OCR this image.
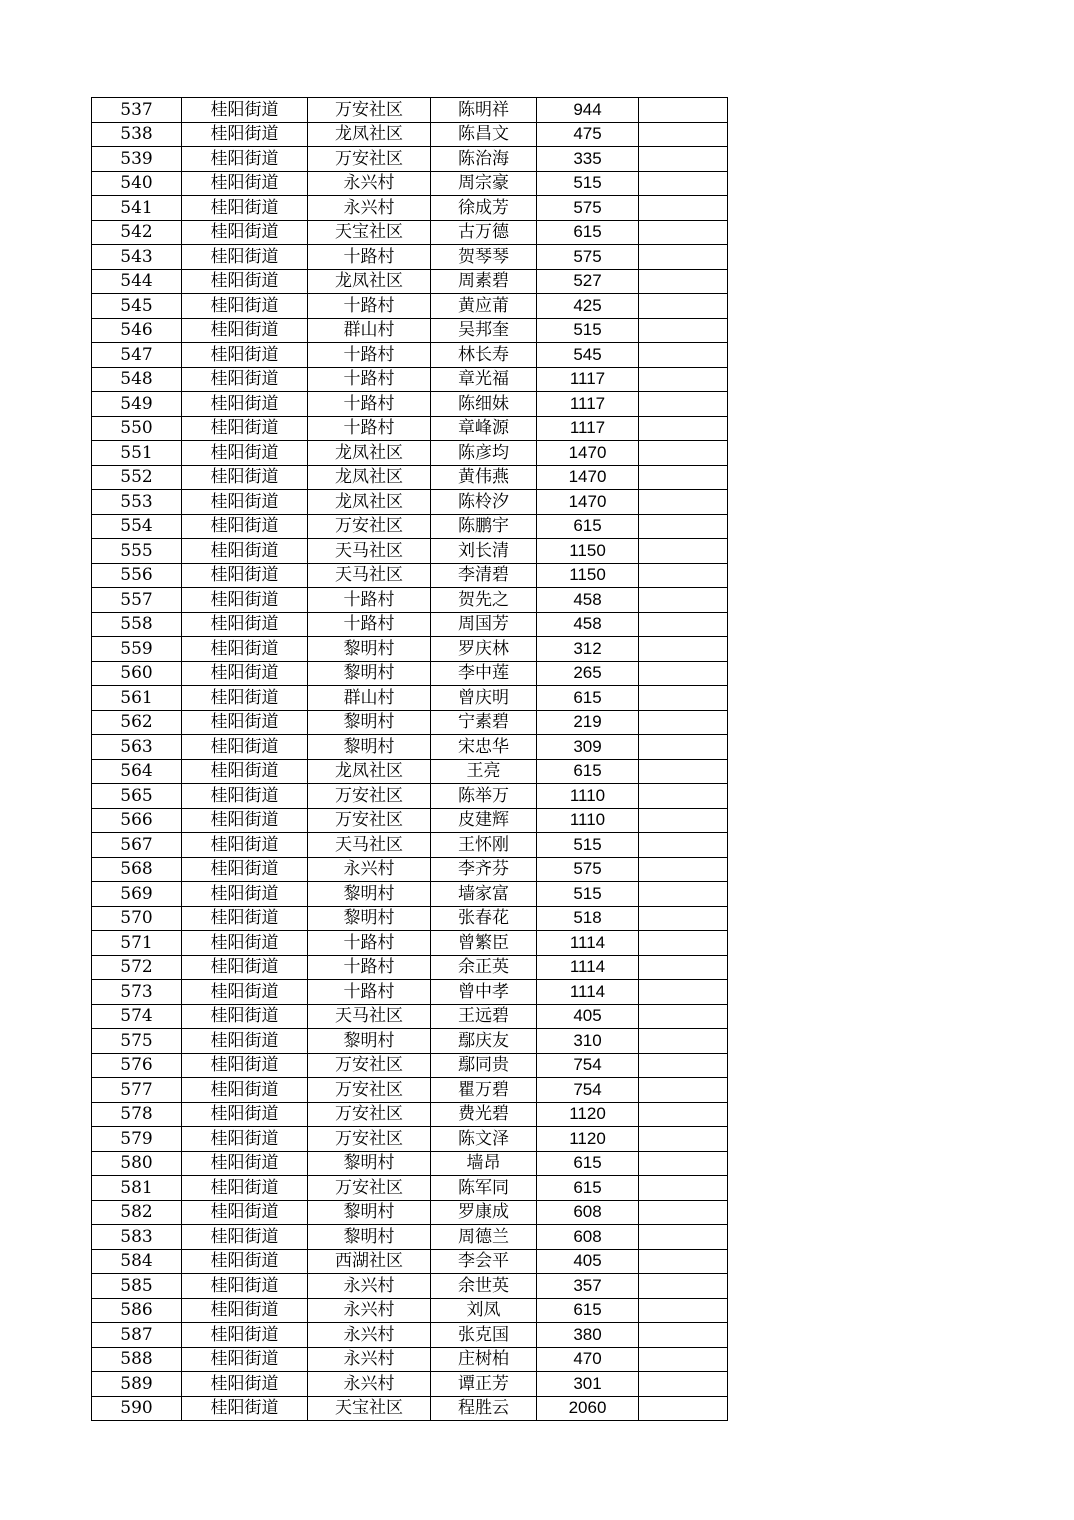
537	桂阳街道	万安社区	陈明祥	944	
538	桂阳街道	龙凤社区	陈昌文	475	
539	桂阳街道	万安社区	陈治海	335	
540	桂阳街道	永兴村	周宗豪	515	
541	桂阳街道	永兴村	徐成芳	575	
542	桂阳街道	天宝社区	古万德	615	
543	桂阳街道	十路村	贺琴琴	575	
544	桂阳街道	龙凤社区	周素碧	527	
545	桂阳街道	十路村	黄应莆	425	
546	桂阳街道	群山村	吴邦奎	515	
547	桂阳街道	十路村	林长寿	545	
548	桂阳街道	十路村	章光福	1117	
549	桂阳街道	十路村	陈细妹	1117	
550	桂阳街道	十路村	章峰源	1117	
551	桂阳街道	龙凤社区	陈彦均	1470	
552	桂阳街道	龙凤社区	黄伟燕	1470	
553	桂阳街道	龙凤社区	陈柃汐	1470	
554	桂阳街道	万安社区	陈鹏宇	615	
555	桂阳街道	天马社区	刘长清	1150	
556	桂阳街道	天马社区	李清碧	1150	
557	桂阳街道	十路村	贺先之	458	
558	桂阳街道	十路村	周国芳	458	
559	桂阳街道	黎明村	罗庆林	312	
560	桂阳街道	黎明村	李中莲	265	
561	桂阳街道	群山村	曾庆明	615	
562	桂阳街道	黎明村	宁素碧	219	
563	桂阳街道	黎明村	宋忠华	309	
564	桂阳街道	龙凤社区	王亮	615	
565	桂阳街道	万安社区	陈举万	1110	
566	桂阳街道	万安社区	皮建辉	1110	
567	桂阳街道	天马社区	王怀刚	515	
568	桂阳街道	永兴村	李齐芬	575	
569	桂阳街道	黎明村	墙家富	515	
570	桂阳街道	黎明村	张春花	518	
571	桂阳街道	十路村	曾繁臣	1114	
572	桂阳街道	十路村	余正英	1114	
573	桂阳街道	十路村	曾中孝	1114	
574	桂阳街道	天马社区	王远碧	405	
575	桂阳街道	黎明村	鄢庆友	310	
576	桂阳街道	万安社区	鄢同贵	754	
577	桂阳街道	万安社区	瞿万碧	754	
578	桂阳街道	万安社区	费光碧	1120	
579	桂阳街道	万安社区	陈文泽	1120	
580	桂阳街道	黎明村	墙昂	615	
581	桂阳街道	万安社区	陈军同	615	
582	桂阳街道	黎明村	罗康成	608	
583	桂阳街道	黎明村	周德兰	608	
584	桂阳街道	西湖社区	李会平	405	
585	桂阳街道	永兴村	余世英	357	
586	桂阳街道	永兴村	刘凤	615	
587	桂阳街道	永兴村	张克国	380	
588	桂阳街道	永兴村	庄树柏	470	
589	桂阳街道	永兴村	谭正芳	301	
590	桂阳街道	天宝社区	程胜云	2060	
